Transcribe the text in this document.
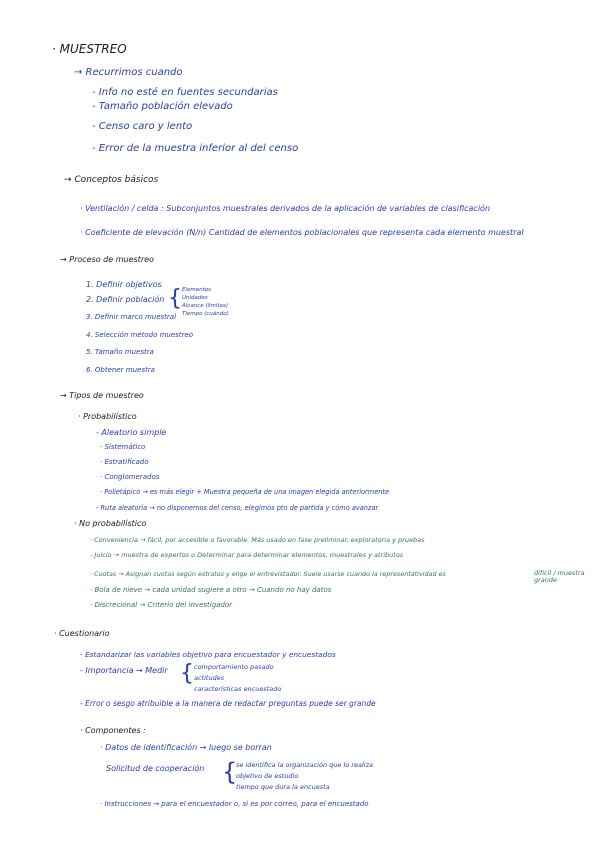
· MUESTREO
→ Recurrimos cuando
- Info no esté en fuentes secundarias
- Tamaño población elevado
- Censo caro y lento
- Error de la muestra inferior al del censo
→ Conceptos básicos
· Ventilación / celda : Subconjuntos muestrales derivados de la aplicación de variables de clasificación
· Coeficiente de elevación (N/n) Cantidad de elementos poblacionales que representa cada elemento muestral
→ Proceso de muestreo
1. Definir objetivos
2. Definir población { Elementos
Unidades
Alcance (límites)
Tiempo (cuándo)
3. Definir marco muestral
4. Selección método muestreo
5. Tamaño muestra
6. Obtener muestra
→ Tipos de muestreo
· Probabilístico
- Aleatorio simple
· Sistemático
· Estratificado
· Conglomerados
· Polietápico → es más elegir + Muestra pequeña de una imagen elegida anteriormente
- Ruta aleatoria → no disponemos del censo, elegimos pto de partida y cómo avanzar
· No probabilístico
· Conveniencia → fácil, por accesible o favorable. Más usado en fase preliminar, exploratoria y pruebas
- Juicio → muestra de expertos o Determinar para determinar elementos, muestrales y atributos
· Cuotas → Asignan cuotas según estratos y elige el entrevistador. Suele usarse cuando la representatividad es	difícil / muestra grande
· Bola de nieve → cada unidad sugiere a otro → Cuando no hay datos
· Discrecional → Criterio del investigador
· Cuestionario
- Estandarizar las variables objetivo para encuestador y encuestados
- Importancia → Medir { comportamiento pasado
actitudes
características encuestado
- Error o sesgo atribuible a la manera de redactar preguntas puede ser grande
· Componentes :
· Datos de identificación → luego se borran
Solicitud de cooperación {
se identifica la organización que lo realiza
objetivo de estudio
tiempo que dura la encuesta
· Instrucciones → para el encuestador o, si es por correo, para el encuestado
